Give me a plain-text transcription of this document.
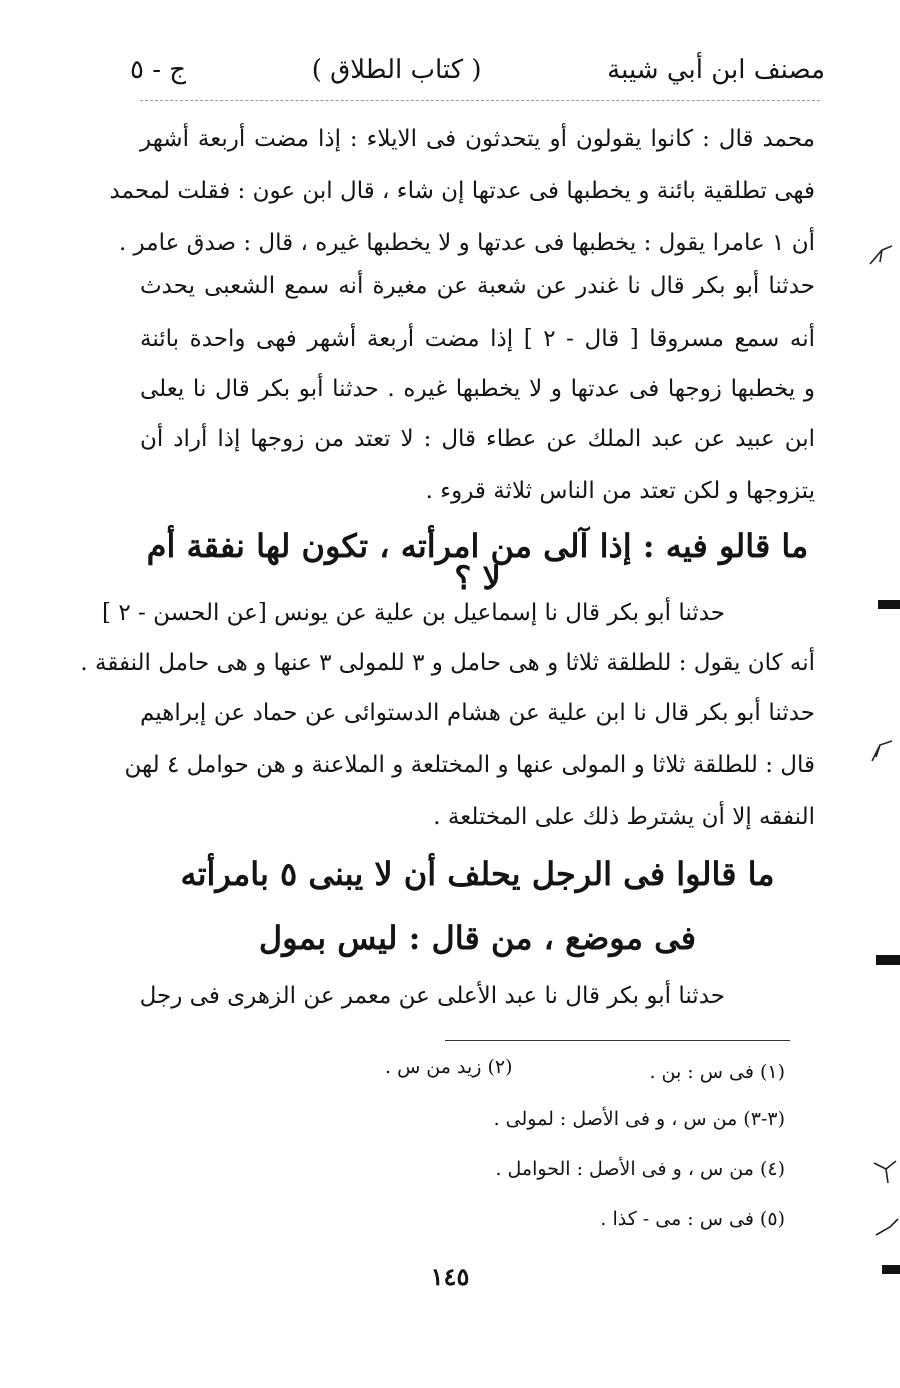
مصنف ابن أبي شيبة
( كتاب الطلاق )
ج - ٥
محمد قال : كانوا يقولون أو يتحدثون فى الايلاء : إذا مضت أربعة أشهر
فهى تطلقية بائنة و يخطبها فى عدتها إن شاء ، قال ابن عون : فقلت لمحمد
أن ١ عامرا يقول : يخطبها فى عدتها و لا يخطبها غيره ، قال : صدق عامر .
حدثنا أبو بكر قال نا غندر عن شعبة عن مغيرة أنه سمع الشعبى يحدث
أنه سمع مسروقا [ قال - ٢ ] إذا مضت أربعة أشهر فهى واحدة بائنة
و يخطبها زوجها فى عدتها و لا يخطبها غيره . حدثنا أبو بكر قال نا يعلى
ابن عبيد عن عبد الملك عن عطاء قال : لا تعتد من زوجها إذا أراد أن
يتزوجها و لكن تعتد من الناس ثلاثة قروء .
ما قالو فيه : إذا آلى من امرأته ، تكون لها نفقة أم لا ؟
حدثنا أبو بكر قال نا إسماعيل بن علية عن يونس [عن الحسن - ٢ ]
أنه كان يقول : للطلقة ثلاثا و هى حامل و ٣ للمولى ٣ عنها و هى حامل النفقة .
حدثنا أبو بكر قال نا ابن علية عن هشام الدستوائى عن حماد عن إبراهيم
قال : للطلقة ثلاثا و المولى عنها و المختلعة و الملاعنة و هن حوامل ٤ لهن
النفقه إلا أن يشترط ذلك على المختلعة .
ما قالوا فى الرجل يحلف أن لا يبنى ٥ بامرأته
فى موضع ، من قال : ليس بمول
حدثنا أبو بكر قال نا عبد الأعلى عن معمر عن الزهرى فى رجل
(١) فى س : بن .
(٢) زيد من س .
(٣-٣) من س ، و فى الأصل : لمولى .
(٤) من س ، و فى الأصل : الحوامل .
(٥) فى س : مى - كذا .
١٤٥
